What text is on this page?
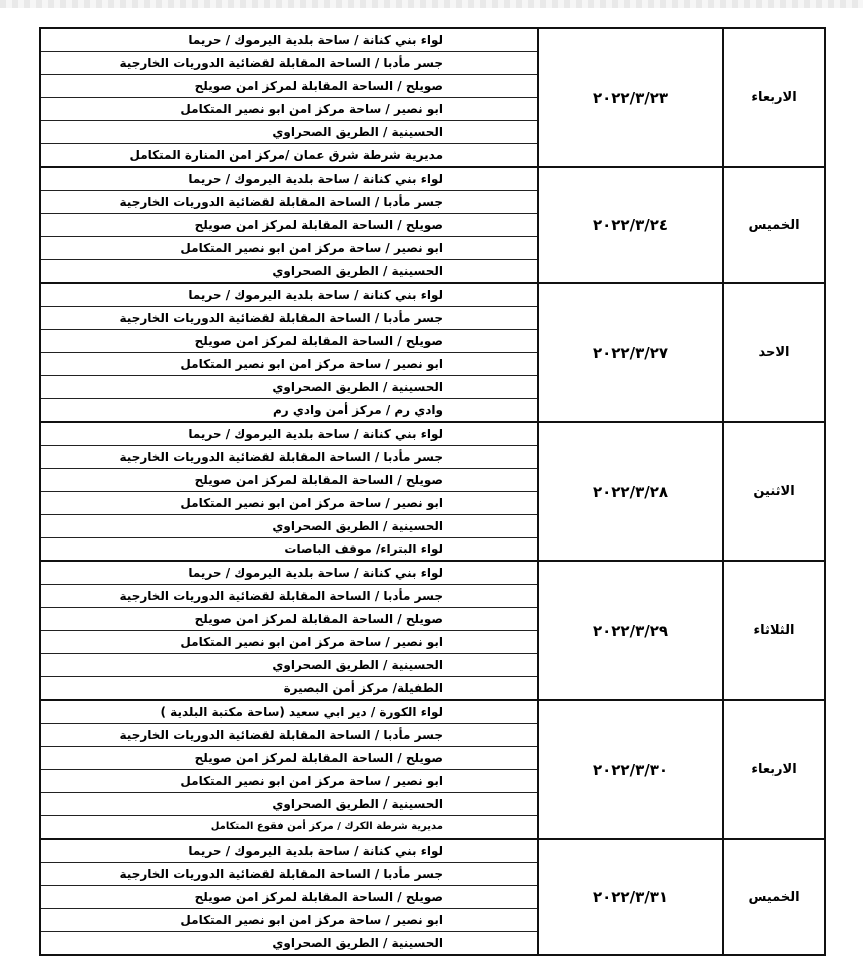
الاربعاء	٢٠٢٢/٣/٢٣	لواء بني كنانة / ساحة بلدية اليرموك / حريما
		جسر مأدبا / الساحة المقابلة لقضائية الدوريات الخارجية
		صويلح / الساحة المقابلة لمركز امن صويلح
		ابو نصير / ساحة مركز امن ابو نصير المتكامل
		الحسينية / الطريق الصحراوي
		مديرية شرطة شرق عمان /مركز امن المنارة المتكامل
الخميس	٢٠٢٢/٣/٢٤	لواء بني كنانة / ساحة بلدية اليرموك / حريما
		جسر مأدبا / الساحة المقابلة لقضائية الدوريات الخارجية
		صويلح / الساحة المقابلة لمركز امن صويلح
		ابو نصير / ساحة مركز امن ابو نصير المتكامل
		الحسينية / الطريق الصحراوي
الاحد	٢٠٢٢/٣/٢٧	لواء بني كنانة / ساحة بلدية اليرموك / حريما
		جسر مأدبا / الساحة المقابلة لقضائية الدوريات الخارجية
		صويلح / الساحة المقابلة لمركز امن صويلح
		ابو نصير / ساحة مركز امن ابو نصير المتكامل
		الحسينية / الطريق الصحراوي
		وادي رم / مركز أمن وادي رم
الاثنين	٢٠٢٢/٣/٢٨	لواء بني كنانة / ساحة بلدية اليرموك / حريما
		جسر مأدبا / الساحة المقابلة لقضائية الدوريات الخارجية
		صويلح / الساحة المقابلة لمركز امن صويلح
		ابو نصير / ساحة مركز امن ابو نصير المتكامل
		الحسينية / الطريق الصحراوي
		لواء البتراء/ موقف الباصات
الثلاثاء	٢٠٢٢/٣/٢٩	لواء بني كنانة / ساحة بلدية اليرموك / حريما
		جسر مأدبا / الساحة المقابلة لقضائية الدوريات الخارجية
		صويلح / الساحة المقابلة لمركز امن صويلح
		ابو نصير / ساحة مركز امن ابو نصير المتكامل
		الحسينية / الطريق الصحراوي
		الطفيلة/ مركز أمن البصيرة
الاربعاء	٢٠٢٢/٣/٣٠	لواء الكورة / دير ابي سعيد (ساحة مكتبة البلدية )
		جسر مأدبا / الساحة المقابلة لقضائية الدوريات الخارجية
		صويلح / الساحة المقابلة لمركز امن صويلح
		ابو نصير / ساحة مركز امن ابو نصير المتكامل
		الحسينية / الطريق الصحراوي
		مديرية شرطة الكرك / مركز أمن فقوع المتكامل
الخميس	٢٠٢٢/٣/٣١	لواء بني كنانة / ساحة بلدية اليرموك / حريما
		جسر مأدبا / الساحة المقابلة لقضائية الدوريات الخارجية
		صويلح / الساحة المقابلة لمركز امن صويلح
		ابو نصير / ساحة مركز امن ابو نصير المتكامل
		الحسينية / الطريق الصحراوي
